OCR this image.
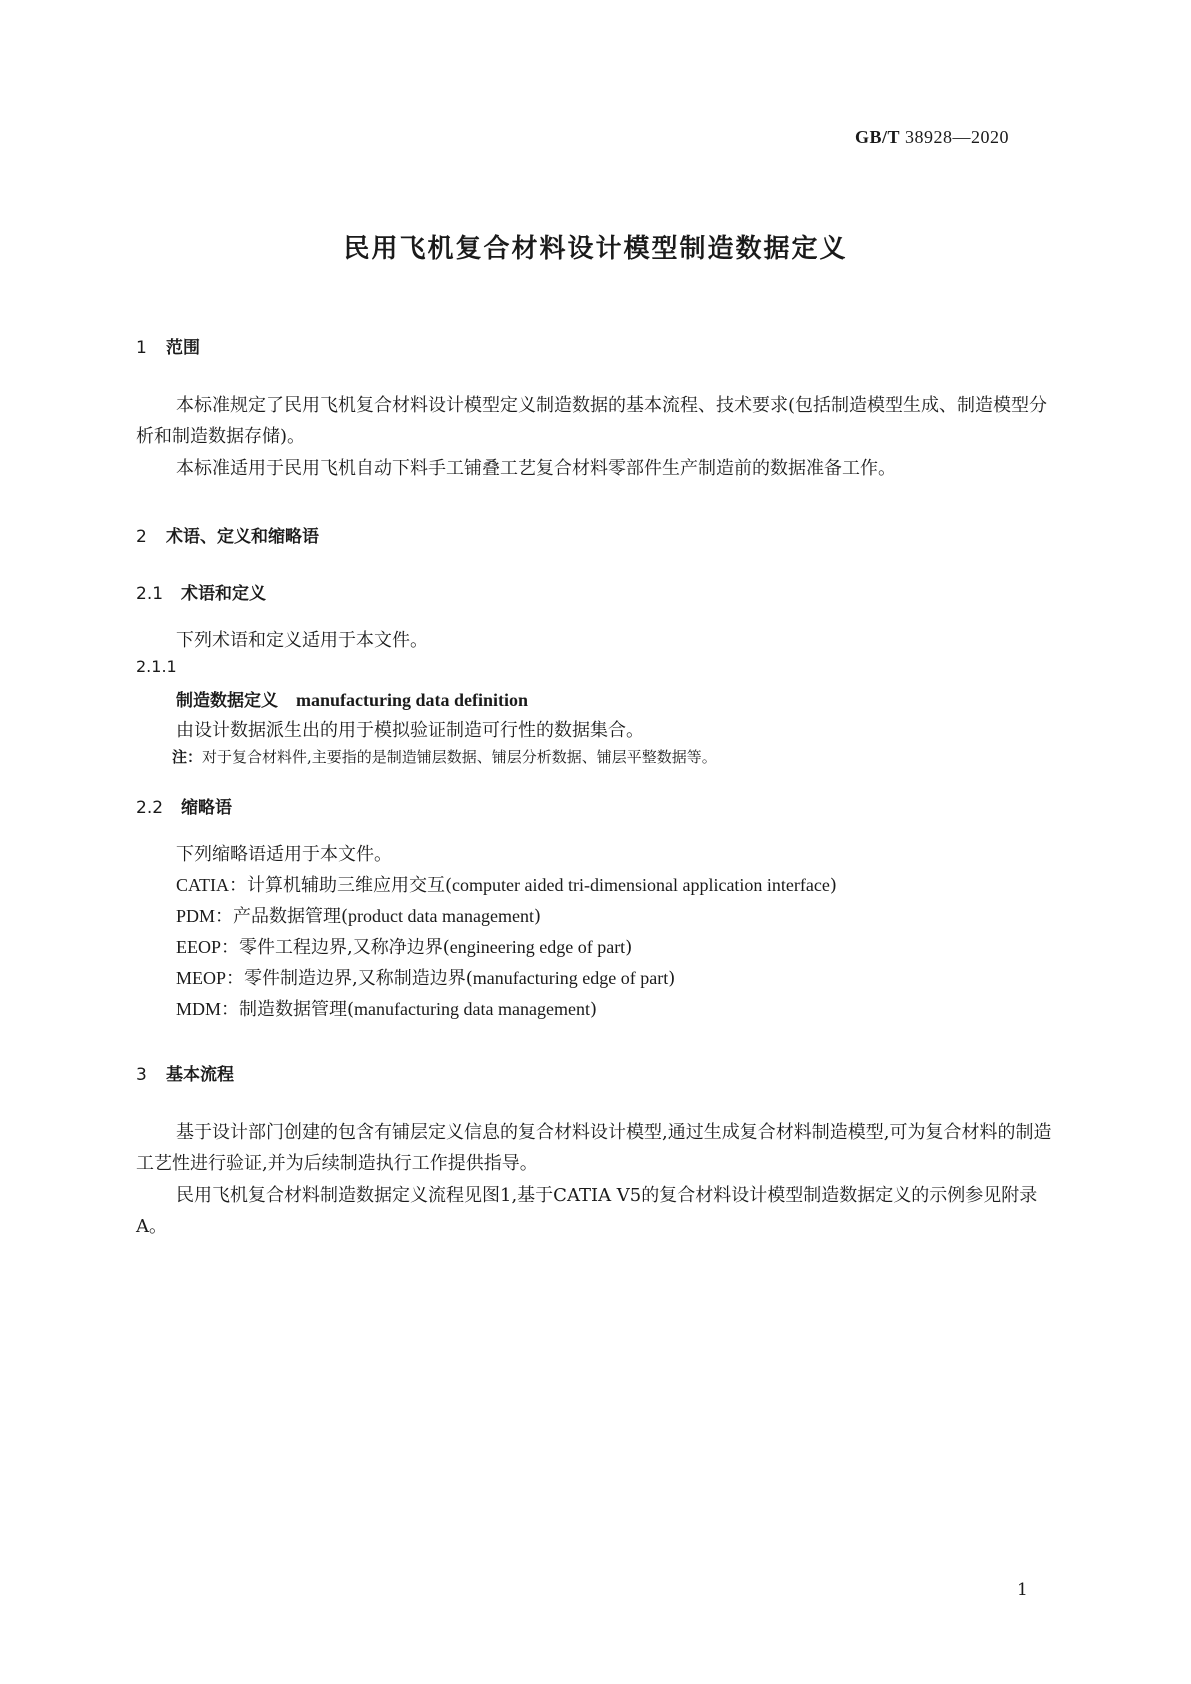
GB/T 38928—2020
民用飞机复合材料设计模型制造数据定义
1 范围
本标准规定了民用飞机复合材料设计模型定义制造数据的基本流程、技术要求(包括制造模型生成、制造模型分析和制造数据存储)。
本标准适用于民用飞机自动下料手工铺叠工艺复合材料零部件生产制造前的数据准备工作。
2 术语、定义和缩略语
2.1 术语和定义
下列术语和定义适用于本文件。
2.1.1
制造数据定义 manufacturing data definition
由设计数据派生出的用于模拟验证制造可行性的数据集合。
注：对于复合材料件,主要指的是制造铺层数据、铺层分析数据、铺层平整数据等。
2.2 缩略语
下列缩略语适用于本文件。
CATIA：计算机辅助三维应用交互(computer aided tri-dimensional application interface)
PDM：产品数据管理(product data management)
EEOP：零件工程边界,又称净边界(engineering edge of part)
MEOP：零件制造边界,又称制造边界(manufacturing edge of part)
MDM：制造数据管理(manufacturing data management)
3 基本流程
基于设计部门创建的包含有铺层定义信息的复合材料设计模型,通过生成复合材料制造模型,可为复合材料的制造工艺性进行验证,并为后续制造执行工作提供指导。
民用飞机复合材料制造数据定义流程见图1,基于CATIA V5的复合材料设计模型制造数据定义的示例参见附录A。
1
